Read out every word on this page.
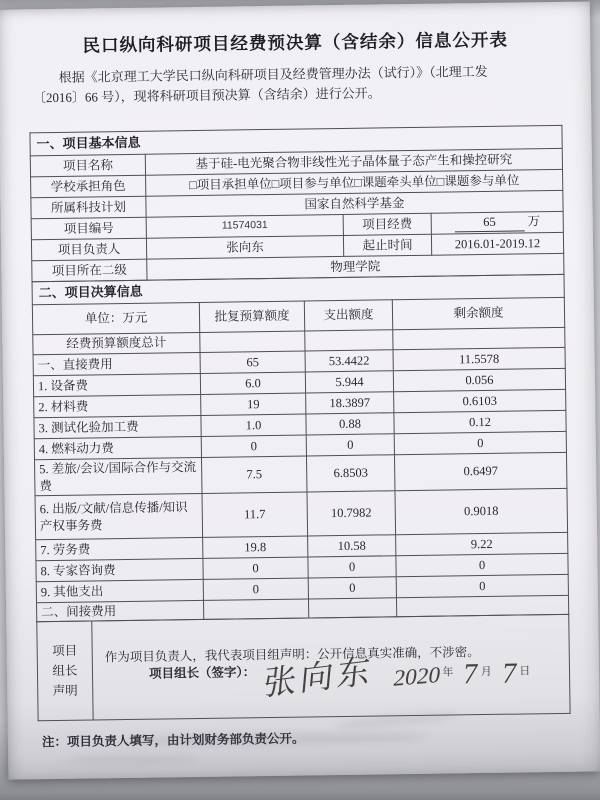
民口纵向科研项目经费预决算（含结余）信息公开表
根据《北京理工大学民口纵向科研项目及经费管理办法（试行）》（北理工发
〔2016〕66 号），现将科研项目预决算（含结余）进行公开。
一、项目基本信息			
项目名称	基于硅-电光聚合物非线性光子晶体量子态产生和操控研究		
学校承担角色	□项目承担单位□项目参与单位□课题牵头单位□课题参与单位		
所属科技计划	国家自然科学基金		
项目编号	11574031	项目经费	65 万
项目负责人	张向东	起止时间	2016.01-2019.12
项目所在二级	物理学院		
二、项目决算信息			
单位：万元	批复预算额度	支出额度	剩余额度
经费预算额度总计			
一、直接费用	65	53.4422	11.5578
1. 设备费	6.0	5.944	0.056
2. 材料费	19	18.3897	0.6103
3. 测试化验加工费	1.0	0.88	0.12
4. 燃料动力费	0	0	0
5. 差旅/会议/国际合作与交流费	7.5	6.8503	0.6497
6. 出版/文献/信息传播/知识产权事务费	11.7	10.7982	0.9018
7. 劳务费	19.8	10.58	9.22
8. 专家咨询费	0	0	0
9. 其他支出	0	0	0
二、间接费用			
项目
组长
声明

作为项目负责人，我代表项目组声明：公开信息真实准确，不涉密。

项目组长（签字）： 张向东 2020 年 7 月 7 日

注：项目负责人填写，由计划财务部负责公开。
